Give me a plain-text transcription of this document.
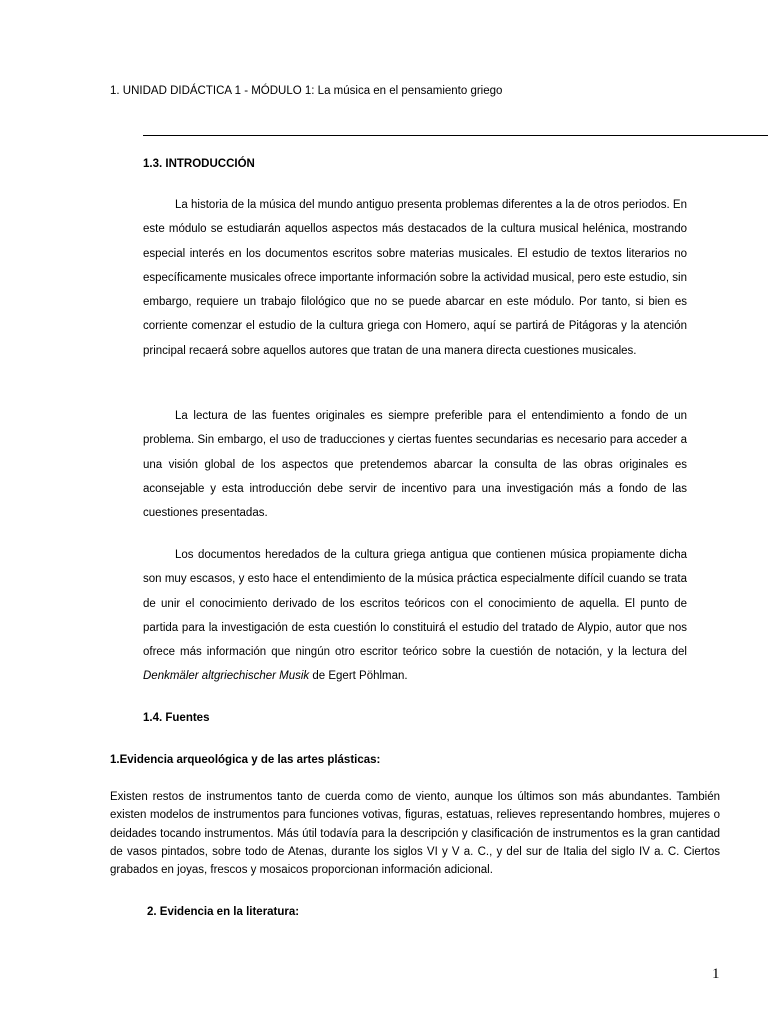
1. UNIDAD DIDÁCTICA 1 - MÓDULO 1: La música en el pensamiento griego
1.3. INTRODUCCIÓN

La historia de la música del mundo antiguo presenta problemas diferentes a la de otros periodos. En este módulo se estudiarán aquellos aspectos más destacados de la cultura musical helénica, mostrando especial interés en los documentos escritos sobre materias musicales. El estudio de textos literarios no específicamente musicales ofrece importante información sobre la actividad musical, pero este estudio, sin embargo, requiere un trabajo filológico que no se puede abarcar en este módulo. Por tanto, si bien es corriente comenzar el estudio de la cultura griega con Homero, aquí se partirá de Pitágoras y la atención principal recaerá sobre aquellos autores que tratan de una manera directa cuestiones musicales.

La lectura de las fuentes originales es siempre preferible para el entendimiento a fondo de un problema. Sin embargo, el uso de traducciones y ciertas fuentes secundarias es necesario para acceder a una visión global de los aspectos que pretendemos abarcar la consulta de las obras originales es aconsejable y esta introducción debe servir de incentivo para una investigación más a fondo de las cuestiones presentadas.

Los documentos heredados de la cultura griega antigua que contienen música propiamente dicha son muy escasos, y esto hace el entendimiento de la música práctica especialmente difícil cuando se trata de unir el conocimiento derivado de los escritos teóricos con el conocimiento de aquella. El punto de partida para la investigación de esta cuestión lo constituirá el estudio del tratado de Alypio, autor que nos ofrece más información que ningún otro escritor teórico sobre la cuestión de notación, y la lectura del Denkmäler altgriechischer Musik de Egert Pöhlman.

1.4. Fuentes
1.Evidencia arqueológica y de las artes plásticas:

Existen restos de instrumentos tanto de cuerda como de viento, aunque los últimos son más abundantes. También existen modelos de instrumentos para funciones votivas, figuras, estatuas, relieves representando hombres, mujeres o deidades tocando instrumentos. Más útil todavía para la descripción y clasificación de instrumentos es la gran cantidad de vasos pintados, sobre todo de Atenas, durante los siglos VI y V a. C., y del sur de Italia del siglo IV a. C. Ciertos grabados en joyas, frescos y mosaicos proporcionan información adicional.

2. Evidencia en la literatura:
1
